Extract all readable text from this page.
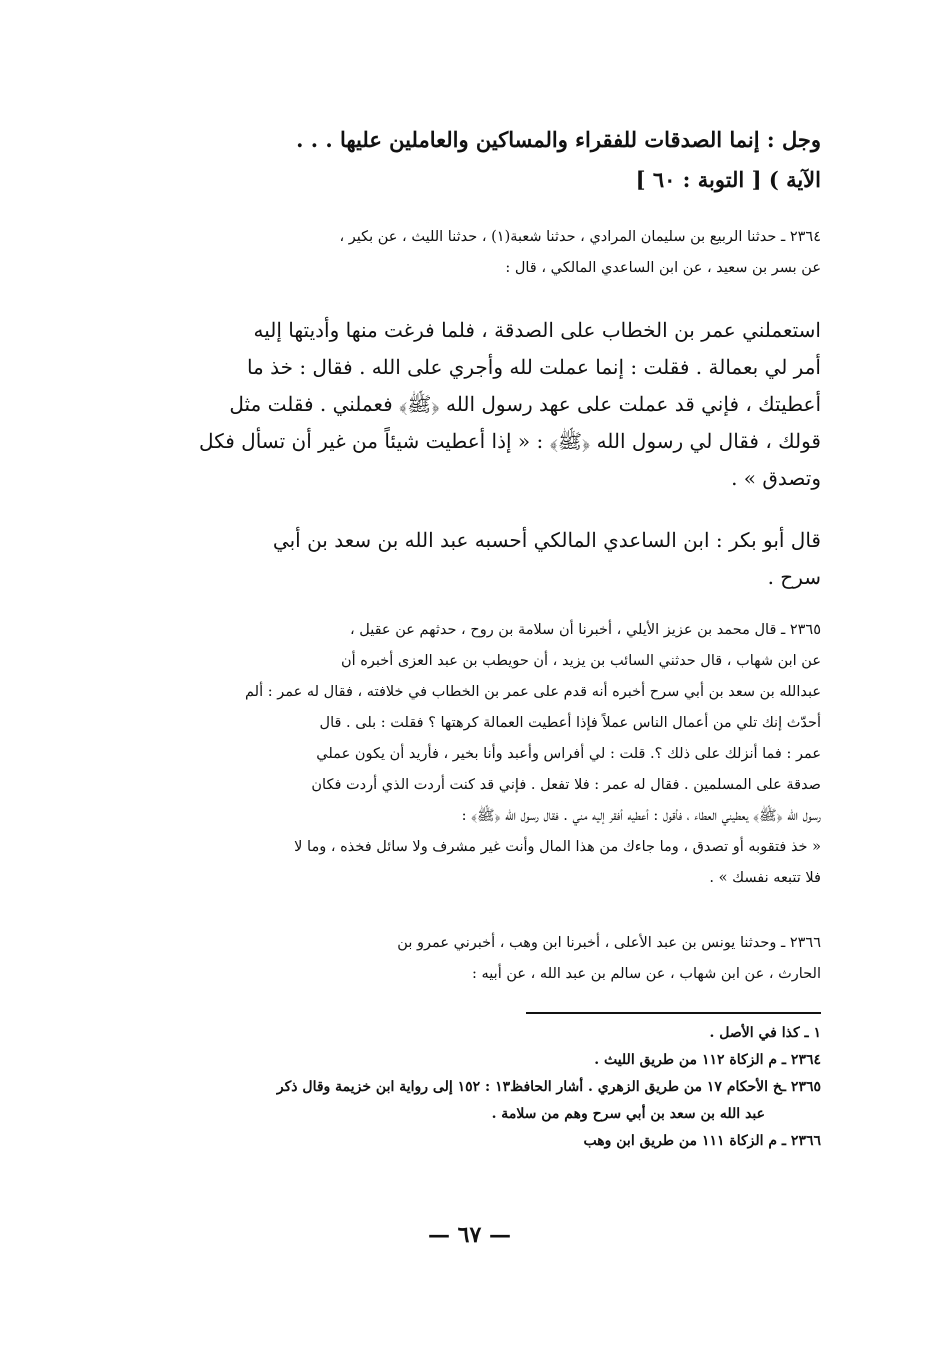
وجل : إنما الصدقات للفقراء والمساكين والعاملين عليها . . .
الآية ) [ التوبة : ٦٠ ]
٢٣٦٤ ـ حدثنا الربيع بن سليمان المرادي ، حدثنا شعبة(١) ، حدثنا الليث ، عن بكير ،
عن بسر بن سعيد ، عن ابن الساعدي المالكي ، قال :
استعملني عمر بن الخطاب على الصدقة ، فلما فرغت منها وأديتها إليه
أمر لي بعمالة . فقلت : إنما عملت لله وأجري على الله . فقال : خذ ما
أعطيتك ، فإني قد عملت على عهد رسول الله ﴿ﷺ﴾ فعملني . فقلت مثل
قولك ، فقال لي رسول الله ﴿ﷺ﴾ : « إذا أعطيت شيئاً من غير أن تسأل فكل
وتصدق » .
قال أبو بكر : ابن الساعدي المالكي أحسبه عبد الله بن سعد بن أبي
سرح .
٢٣٦٥ ـ قال محمد بن عزيز الأيلي ، أخبرنا أن سلامة بن روح ، حدثهم عن عقيل ،
عن ابن شهاب ، قال حدثني السائب بن يزيد ، أن حويطب بن عبد العزى أخبره أن
عبدالله بن سعد بن أبي سرح أخبره أنه قدم على عمر بن الخطاب في خلافته ، فقال له عمر : ألم
أحدّث إنك تلي من أعمال الناس عملاً فإذا أعطيت العمالة كرهتها ؟ فقلت : بلى . قال
عمر : فما أنزلك على ذلك ؟. قلت : لي أفراس وأعبد وأنا بخير ، فأريد أن يكون عملي
صدقة على المسلمين . فقال له عمر : فلا تفعل . فإني قد كنت أردت الذي أردت فكان
رسول الله ﴿ﷺ﴾ يعطيني العطاء ، فأقول : أعطيه أفقر إليه مني . فقال رسول الله ﴿ﷺ﴾ :
« خذ فتقوبه أو تصدق ، وما جاءك من هذا المال وأنت غير مشرف ولا سائل فخذه ، وما لا
فلا تتبعه نفسك » .
٢٣٦٦ ـ وحدثنا يونس بن عبد الأعلى ، أخبرنا ابن وهب ، أخبرني عمرو بن
الحارث ، عن ابن شهاب ، عن سالم بن عبد الله ، عن أبيه :
١ ـ كذا في الأصل .
٢٣٦٤ ـ م الزكاة ١١٢ من طريق الليث .
٢٣٦٥ ـخ الأحكام ١٧ من طريق الزهري . أشار الحافظ١٣ : ١٥٢ إلى رواية ابن خزيمة وقال ذكر
عبد الله بن سعد بن أبي سرح وهم من سلامة .
٢٣٦٦ ـ م الزكاة ١١١ من طريق ابن وهب
— ٦٧ —
